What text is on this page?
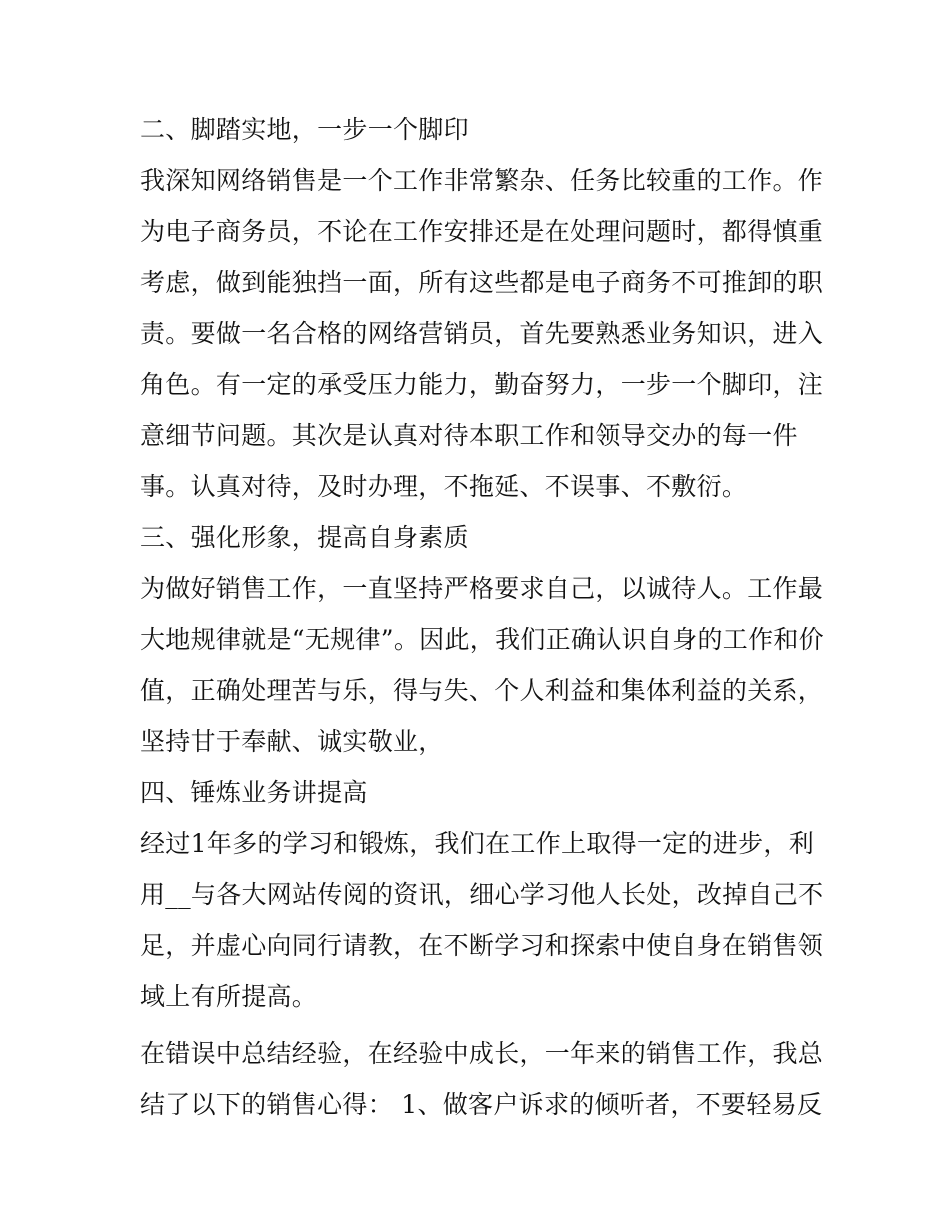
二、脚踏实地，一步一个脚印
我深知网络销售是一个工作非常繁杂、任务比较重的工作。作
为电子商务员，不论在工作安排还是在处理问题时，都得慎重
考虑，做到能独挡一面，所有这些都是电子商务不可推卸的职
责。要做一名合格的网络营销员，首先要熟悉业务知识，进入
角色。有一定的承受压力能力，勤奋努力，一步一个脚印，注
意细节问题。其次是认真对待本职工作和领导交办的每一件
事。认真对待，及时办理，不拖延、不误事、不敷衍。
三、强化形象，提高自身素质
为做好销售工作，一直坚持严格要求自己，以诚待人。工作最
大地规律就是“无规律”。因此，我们正确认识自身的工作和价
值，正确处理苦与乐，得与失、个人利益和集体利益的关系，
坚持甘于奉献、诚实敬业，
四、锤炼业务讲提高
经过1年多的学习和锻炼，我们在工作上取得一定的进步，利
用__与各大网站传阅的资讯，细心学习他人长处，改掉自己不
足，并虚心向同行请教，在不断学习和探索中使自身在销售领
域上有所提高。
在错误中总结经验，在经验中成长，一年来的销售工作，我总
结了以下的销售心得： 1、做客户诉求的倾听者，不要轻易反
